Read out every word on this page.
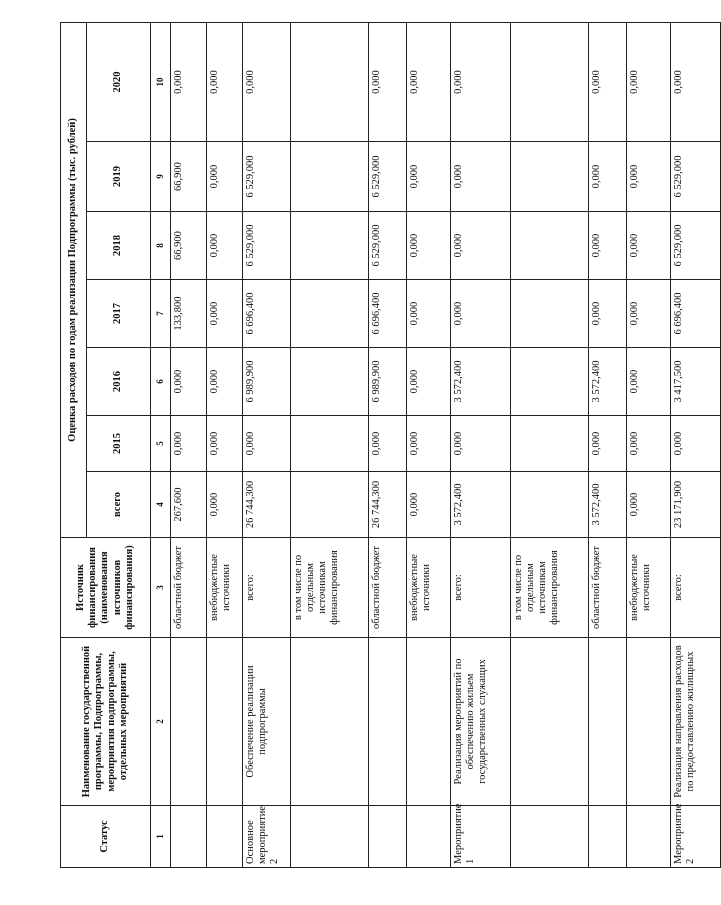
Статус	Наименование государственной программы, Подпрограммы, мероприятия подпрограммы, отдельных мероприятий	Источник финансирования (наименования источников финансирования)	Оценка расходов по годам реализации Подпрограммы (тыс. рублей)						
			всего	2015	2016	2017	2018	2019	2020
1	2	3	4	5	6	7	8	9	10
		областной бюджет	267,600	0,000	0,000	133,800	66,900	66,900	0,000
		внебюджетные источники	0,000	0,000	0,000	0,000	0,000	0,000	0,000
Основное мероприятие 2	Обеспечение реализации подпрограммы	всего:	26 744,300	0,000	6 989,900	6 696,400	6 529,000	6 529,000	0,000
		в том числе по отдельным источникам финансирования							
		областной бюджет	26 744,300	0,000	6 989,900	6 696,400	6 529,000	6 529,000	0,000
		внебюджетные источники	0,000	0,000	0,000	0,000	0,000	0,000	0,000
Мероприятие 1	Реализация мероприятий по обеспечению жильем государственных служащих	всего:	3 572,400	0,000	3 572,400	0,000	0,000	0,000	0,000
		в том числе по отдельным источникам финансирования							
		областной бюджет	3 572,400	0,000	3 572,400	0,000	0,000	0,000	0,000
		внебюджетные источники	0,000	0,000	0,000	0,000	0,000	0,000	0,000
Мероприятие 2	Реализация направления расходов по предоставлению жилищных	всего:	23 171,900	0,000	3 417,500	6 696,400	6 529,000	6 529,000	0,000
